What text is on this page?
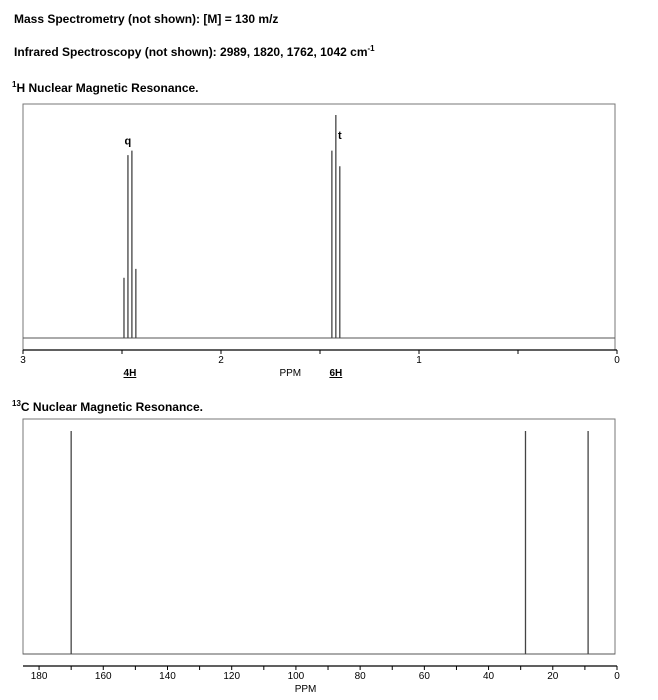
Mass Spectrometry (not shown): [M] = 130 m/z
Infrared Spectroscopy (not shown): 2989, 1820, 1762, 1042 $cm^{-1}$
$^1$H Nuclear Magnetic Resonance.
$^{13}$C Nuclear Magnetic Resonance.
3	2	1	0
PPM
q
4H
t
6H
180	160	140	120	100	80	60	40	20	0
PPM
